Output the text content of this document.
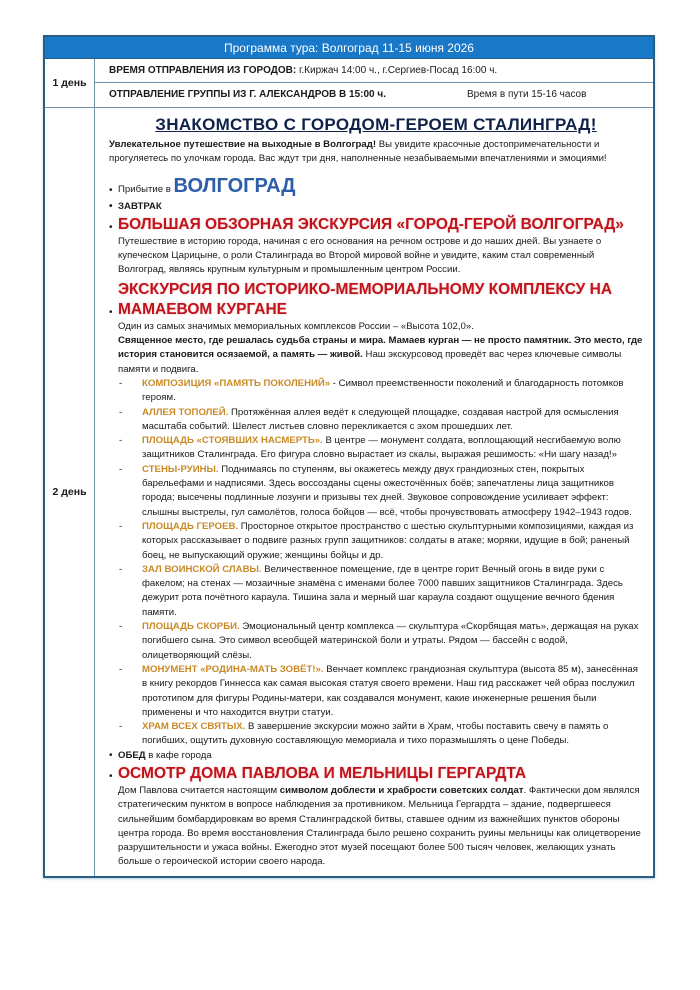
Программа тура: Волгоград 11-15 июня 2026
1 день
ВРЕМЯ ОТПРАВЛЕНИЯ ИЗ ГОРОДОВ: г.Киржач 14:00 ч., г.Сергиев-Посад 16:00 ч.
ОТПРАВЛЕНИЕ ГРУППЫ ИЗ Г. АЛЕКСАНДРОВ В 15:00 ч.	Время в пути 15-16 часов
2 день
ЗНАКОМСТВО С ГОРОДОМ-ГЕРОЕМ СТАЛИНГРАД!

Увлекательное путешествие на выходные в Волгоград! Вы увидите красочные достопримечательности и прогуляетесь по улочкам города. Вас ждут три дня, наполненные незабываемыми впечатлениями и эмоциями!

• Прибытие в ВОЛГОГРАД
• ЗАВТРАК
• БОЛЬШАЯ ОБЗОРНАЯ ЭКСКУРСИЯ «ГОРОД-ГЕРОЙ ВОЛГОГРАД»

Путешествие в историю города, начиная с его основания на речном острове и до наших дней. Вы узнаете о купеческом Царицыне, о роли Сталинграда во Второй мировой войне и увидите, каким стал современный Волгоград, являясь крупным культурным и промышленным центром России.

• ЭКСКУРСИЯ ПО ИСТОРИКО-МЕМОРИАЛЬНОМУ КОМПЛЕКСУ НА МАМАЕВОМ КУРГАНЕ

Один из самых значимых мемориальных комплексов России – «Высота 102,0».

Священное место, где решалась судьба страны и мира. Мамаев курган — не просто памятник. Это место, где история становится осязаемой, а память — живой. Наш экскурсовод проведёт вас через ключевые символы памяти и подвига.

- КОМПОЗИЦИЯ «ПАМЯТЬ ПОКОЛЕНИЙ» - Символ преемственности поколений и благодарность потомков героям.
- АЛЛЕЯ ТОПОЛЕЙ. Протяжённая аллея ведёт к следующей площадке, создавая настрой для осмысления масштаба событий. Шелест листьев словно перекликается с эхом прошедших лет.
- ПЛОЩАДЬ «СТОЯВШИХ НАСМЕРТЬ». В центре — монумент солдата, воплощающий несгибаемую волю защитников Сталинграда. Его фигура словно вырастает из скалы, выражая решимость: «Ни шагу назад!»
- СТЕНЫ-РУИНЫ. Поднимаясь по ступеням, вы окажетесь между двух грандиозных стен, покрытых барельефами и надписями. Здесь воссозданы сцены ожесточённых боёв; запечатлены лица защитников города; высечены подлинные лозунги и призывы тех дней. Звуковое сопровождение усиливает эффект: слышны выстрелы, гул самолётов, голоса бойцов — всё, чтобы прочувствовать атмосферу 1942–1943 годов.
- ПЛОЩАДЬ ГЕРОЕВ. Просторное открытое пространство с шестью скульптурными композициями, каждая из которых рассказывает о подвиге разных групп защитников: солдаты в атаке; моряки, идущие в бой; раненый боец, не выпускающий оружие; женщины бойцы и др.
- ЗАЛ ВОИНСКОЙ СЛАВЫ. Величественное помещение, где в центре горит Вечный огонь в виде руки с факелом; на стенах — мозаичные знамёна с именами более 7000 павших защитников Сталинграда. Здесь дежурит рота почётного караула. Тишина зала и мерный шаг караула создают ощущение вечного бдения памяти.
- ПЛОЩАДЬ СКОРБИ. Эмоциональный центр комплекса — скульптура «Скорбящая мать», держащая на руках погибшего сына. Это символ всеобщей материнской боли и утраты. Рядом — бассейн с водой, олицетворяющий слёзы.
- МОНУМЕНТ «РОДИНА-МАТЬ ЗОВЁТ!». Венчает комплекс грандиозная скульптура (высота 85 м), занесённая в книгу рекордов Гиннесса как самая высокая статуя своего времени. Наш гид расскажет чей образ послужил прототипом для фигуры Родины-матери, как создавался монумент, какие инженерные решения были применены и что находится внутри статуи.
- ХРАМ ВСЕХ СВЯТЫХ. В завершение экскурсии можно зайти в Храм, чтобы поставить свечу в память о погибших, ощутить духовную составляющую мемориала и тихо поразмышлять о цене Победы.
• ОБЕД в кафе города
• ОСМОТР ДОМА ПАВЛОВА И МЕЛЬНИЦЫ ГЕРГАРДТА

Дом Павлова считается настоящим символом доблести и храбрости советских солдат. Фактически дом являлся стратегическим пунктом в вопросе наблюдения за противником. Мельница Гергардта – здание, подвергшееся сильнейшим бомбардировкам во время Сталинградской битвы, ставшее одним из важнейших пунктов обороны центра города. Во время восстановления Сталинграда было решено сохранить руины мельницы как олицетворение разрушительности и ужаса войны. Ежегодно этот музей посещают более 500 тысяч человек, желающих узнать больше о героической истории своего народа.
